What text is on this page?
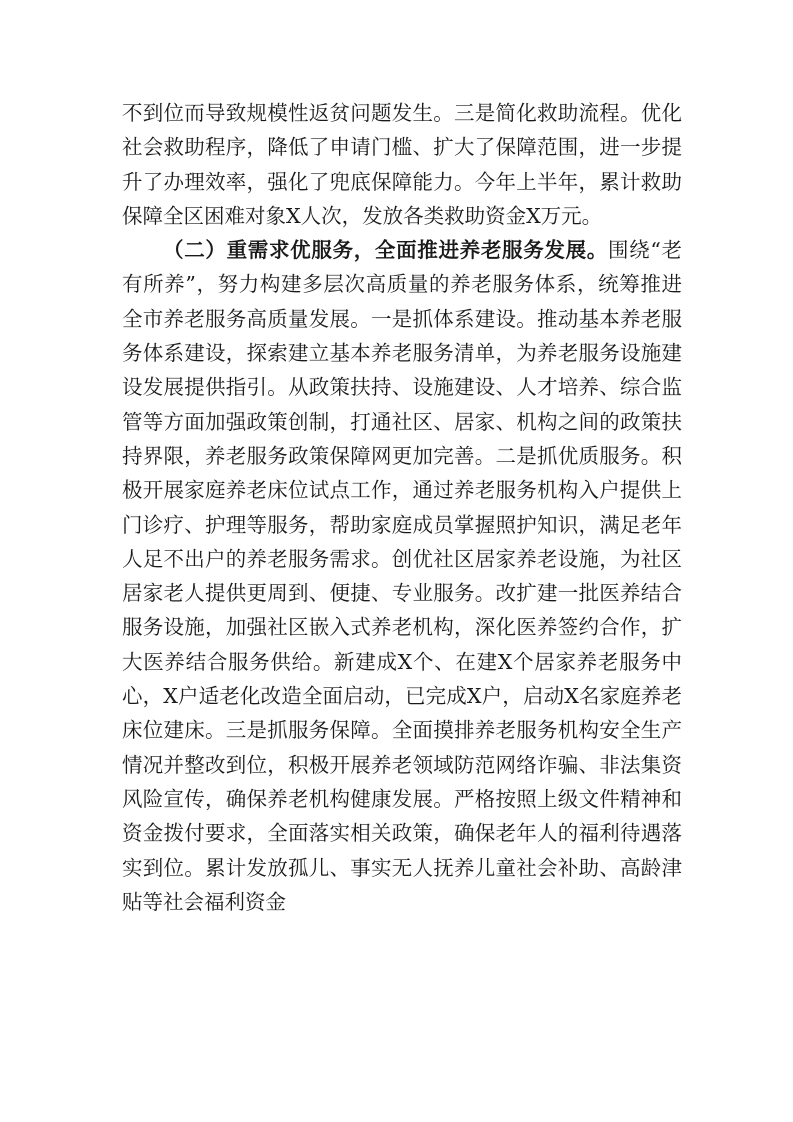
不到位而导致规模性返贫问题发生。三是简化救助流程。优化社会救助程序，降低了申请门槛、扩大了保障范围，进一步提升了办理效率，强化了兜底保障能力。今年上半年，累计救助保障全区困难对象X人次，发放各类救助资金X万元。

（二）重需求优服务，全面推进养老服务发展。围绕“老有所养”，努力构建多层次高质量的养老服务体系，统筹推进全市养老服务高质量发展。一是抓体系建设。推动基本养老服务体系建设，探索建立基本养老服务清单，为养老服务设施建设发展提供指引。从政策扶持、设施建设、人才培养、综合监管等方面加强政策创制，打通社区、居家、机构之间的政策扶持界限，养老服务政策保障网更加完善。二是抓优质服务。积极开展家庭养老床位试点工作，通过养老服务机构入户提供上门诊疗、护理等服务，帮助家庭成员掌握照护知识，满足老年人足不出户的养老服务需求。创优社区居家养老设施，为社区居家老人提供更周到、便捷、专业服务。改扩建一批医养结合服务设施，加强社区嵌入式养老机构，深化医养签约合作，扩大医养结合服务供给。新建成X个、在建X个居家养老服务中心，X户适老化改造全面启动，已完成X户，启动X名家庭养老床位建床。三是抓服务保障。全面摸排养老服务机构安全生产情况并整改到位，积极开展养老领域防范网络诈骗、非法集资风险宣传，确保养老机构健康发展。严格按照上级文件精神和资金拨付要求，全面落实相关政策，确保老年人的福利待遇落实到位。累计发放孤儿、事实无人抚养儿童社会补助、高龄津贴等社会福利资金
